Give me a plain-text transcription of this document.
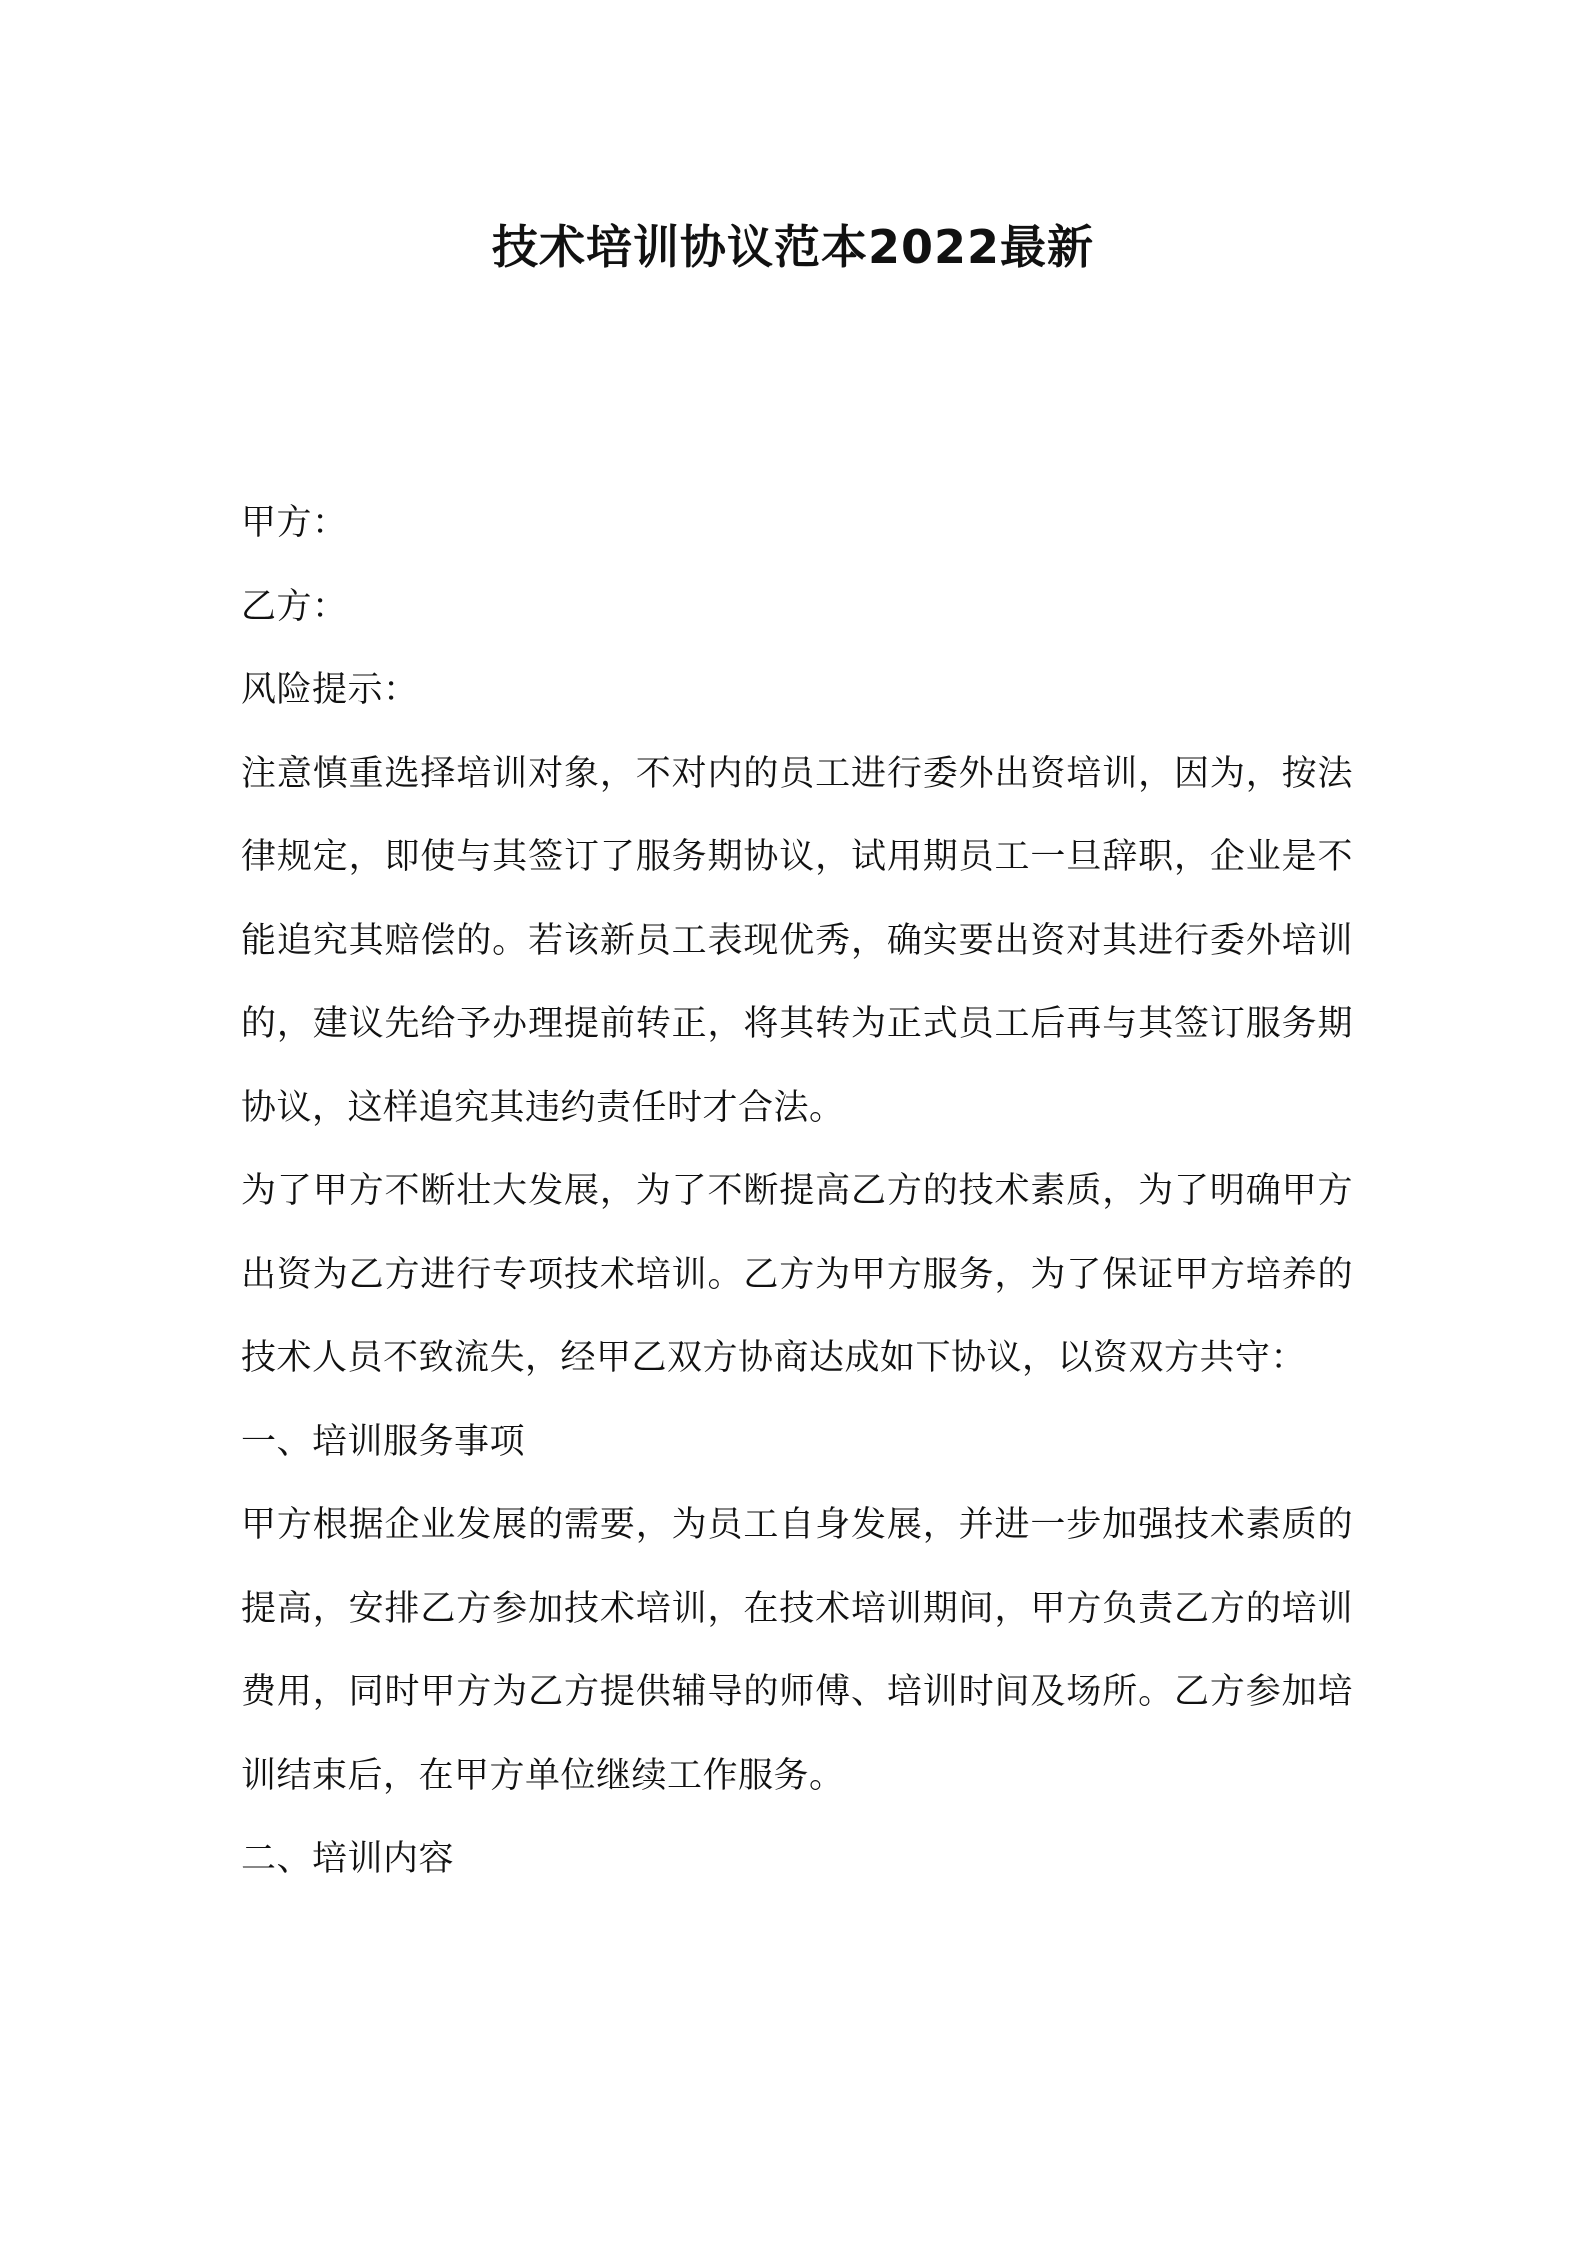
技术培训协议范本2022最新

甲方：

乙方：

风险提示：

注意慎重选择培训对象，不对内的员工进行委外出资培训，因为，按法律规定，即使与其签订了服务期协议，试用期员工一旦辞职，企业是不能追究其赔偿的。若该新员工表现优秀，确实要出资对其进行委外培训的，建议先给予办理提前转正，将其转为正式员工后再与其签订服务期协议，这样追究其违约责任时才合法。

为了甲方不断壮大发展，为了不断提高乙方的技术素质，为了明确甲方出资为乙方进行专项技术培训。乙方为甲方服务，为了保证甲方培养的技术人员不致流失，经甲乙双方协商达成如下协议，以资双方共守：

一、培训服务事项

甲方根据企业发展的需要，为员工自身发展，并进一步加强技术素质的提高，安排乙方参加技术培训，在技术培训期间，甲方负责乙方的培训费用，同时甲方为乙方提供辅导的师傅、培训时间及场所。乙方参加培训结束后，在甲方单位继续工作服务。

二、培训内容
